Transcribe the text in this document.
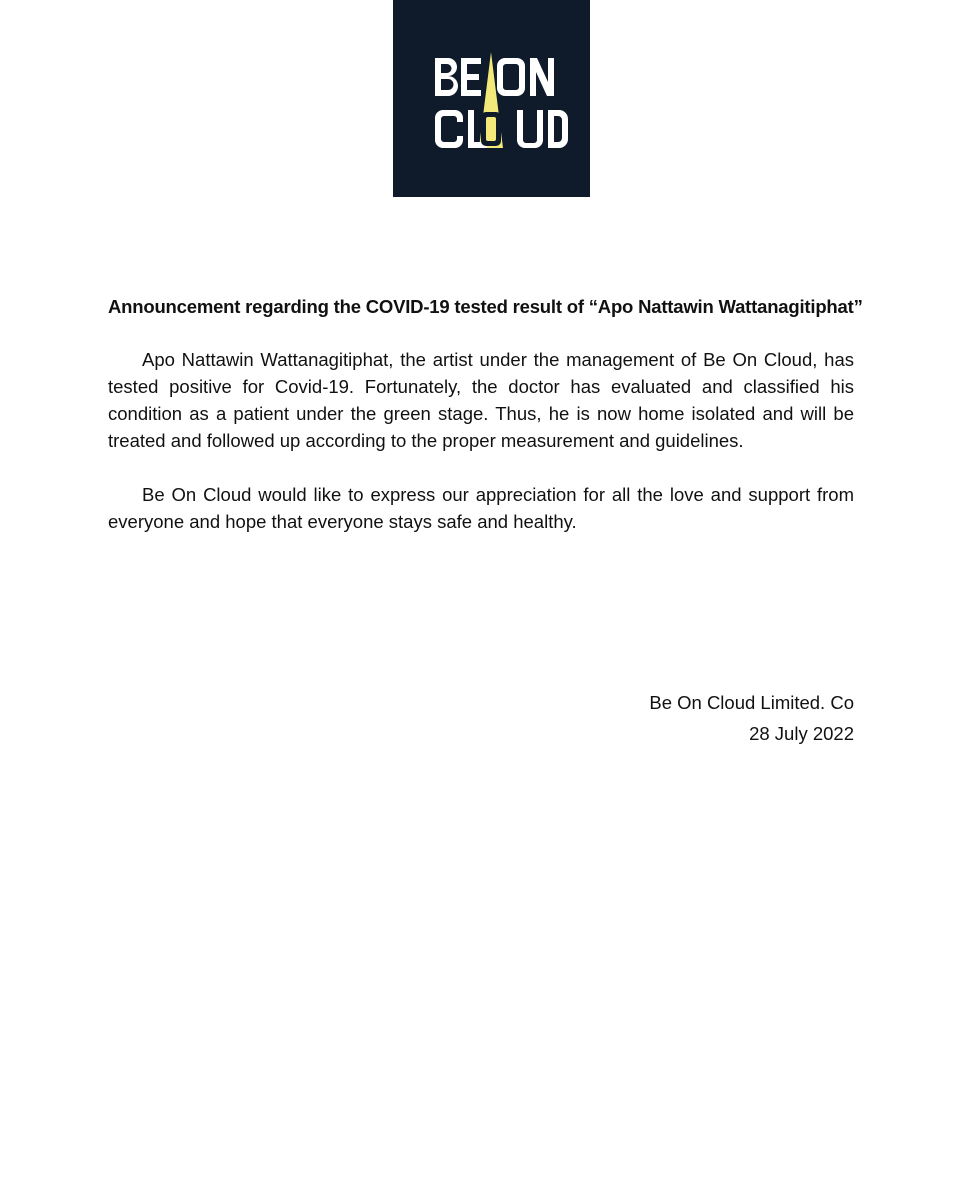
Announcement regarding the COVID-19 tested result of “Apo Nattawin Wattanagitiphat”

Apo Nattawin Wattanagitiphat, the artist under the management of Be On Cloud, has tested positive for Covid-19. Fortunately, the doctor has evaluated and classified his condition as a patient under the green stage. Thus, he is now home isolated and will be treated and followed up according to the proper measurement and guidelines.

Be On Cloud would like to express our appreciation for all the love and support from everyone and hope that everyone stays safe and healthy.

Be On Cloud Limited. Co

28 July 2022
